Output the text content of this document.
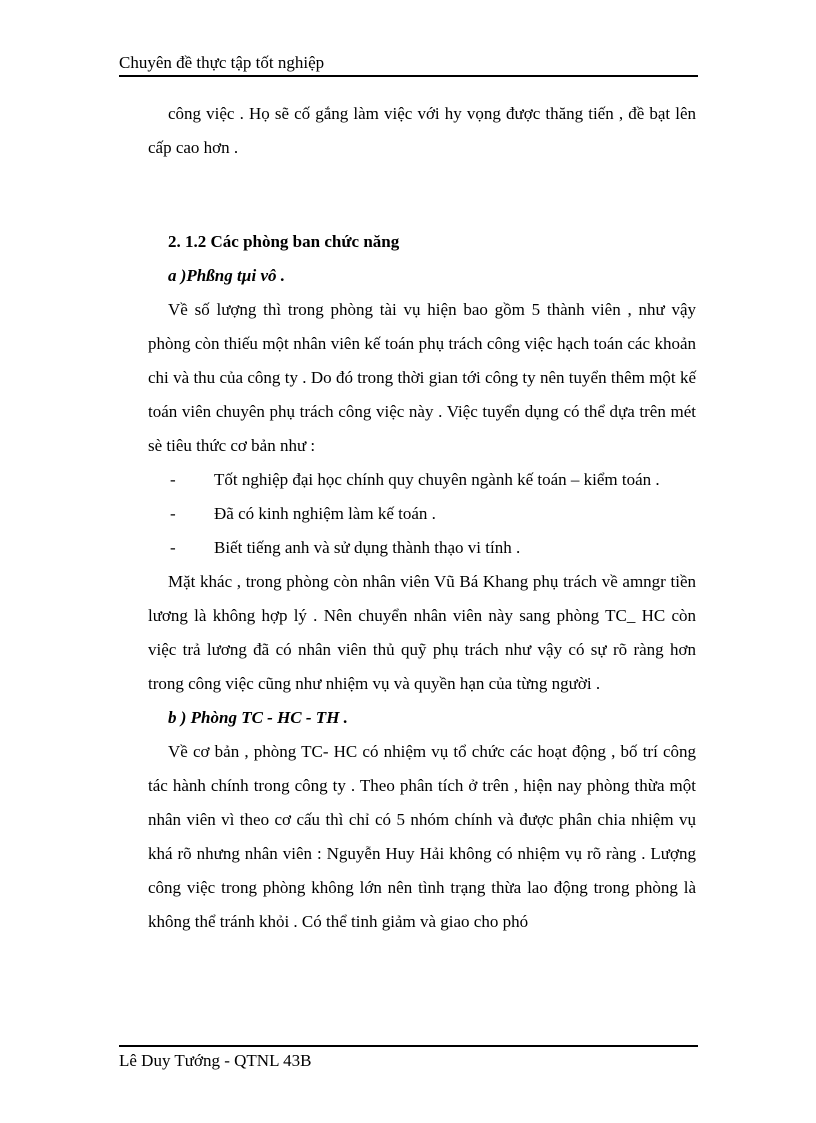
Chuyên đề thực tập tốt nghiệp

công việc . Họ sẽ cố gắng làm việc với hy vọng được thăng tiến , đề bạt lên cấp cao hơn .

2. 1.2 Các phòng ban chức năng

a )Phßng tµi vô .

Về số lượng thì trong phòng tài vụ hiện bao gồm 5 thành viên , như vậy phòng còn thiếu một nhân viên kế toán phụ trách công việc hạch toán các khoản chi và thu của công ty . Do đó trong thời gian tới công ty nên tuyển thêm một kế toán viên chuyên phụ trách công việc này . Việc tuyển dụng có thể dựa trên mét sè tiêu thức cơ bản như :

- Tốt nghiệp đại học chính quy chuyên ngành kế toán – kiểm toán .
- Đã có kinh nghiệm làm kế toán .
- Biết tiếng anh và sử dụng thành thạo vi tính .

Mặt khác , trong phòng còn nhân viên Vũ Bá Khang phụ trách về amngr tiền lương là không hợp lý . Nên chuyển nhân viên này sang phòng TC_ HC còn việc trả lương đã có nhân viên thủ quỹ phụ trách như vậy có sự rõ ràng hơn trong công việc cũng như nhiệm vụ và quyền hạn của từng người .

b ) Phòng TC - HC - TH .

Về cơ bản , phòng TC- HC có nhiệm vụ tổ chức các hoạt động , bố trí công tác hành chính trong công ty . Theo phân tích ở trên , hiện nay phòng thừa một nhân viên vì theo cơ cấu thì chỉ có 5 nhóm chính và được phân chia nhiệm vụ khá rõ nhưng nhân viên : Nguyễn Huy Hải không có nhiệm vụ rõ ràng . Lượng công việc trong phòng không lớn nên tình trạng thừa lao động trong phòng là không thể tránh khỏi . Có thể tinh giảm và giao cho phó

Lê Duy Tướng - QTNL 43B
